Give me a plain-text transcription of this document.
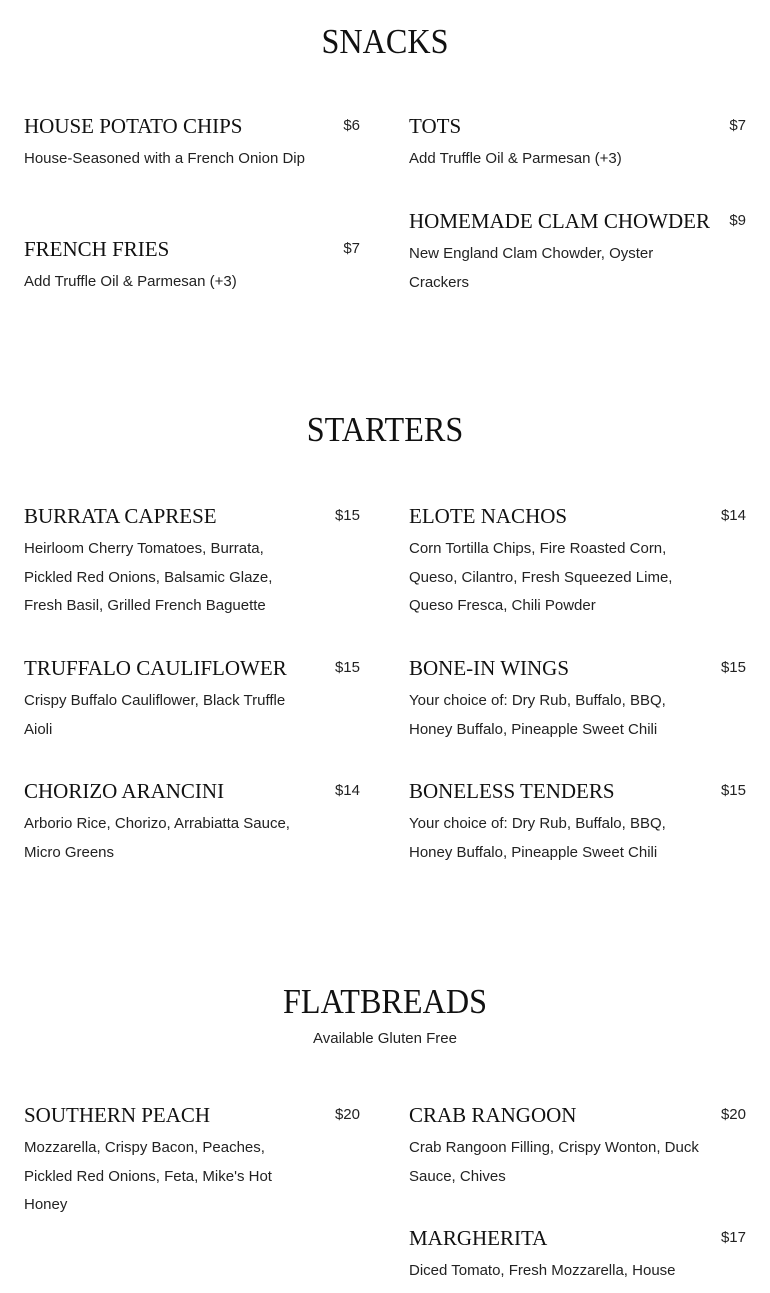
SNACKS
HOUSE POTATO CHIPS	$6
House-Seasoned with a French Onion Dip
TOTS	$7
Add Truffle Oil & Parmesan (+3)
FRENCH FRIES	$7
Add Truffle Oil & Parmesan (+3)
HOMEMADE CLAM CHOWDER $9
New England Clam Chowder, Oyster Crackers
STARTERS
BURRATA CAPRESE	$15
Heirloom Cherry Tomatoes, Burrata, Pickled Red Onions, Balsamic Glaze, Fresh Basil, Grilled French Baguette
ELOTE NACHOS	$14
Corn Tortilla Chips, Fire Roasted Corn, Queso, Cilantro, Fresh Squeezed Lime, Queso Fresca, Chili Powder
TRUFFALO CAULIFLOWER	$15
Crispy Buffalo Cauliflower, Black Truffle Aioli
BONE-IN WINGS	$15
Your choice of: Dry Rub, Buffalo, BBQ, Honey Buffalo, Pineapple Sweet Chili
CHORIZO ARANCINI	$14
Arborio Rice, Chorizo, Arrabiatta Sauce, Micro Greens
BONELESS TENDERS	$15
Your choice of: Dry Rub, Buffalo, BBQ, Honey Buffalo, Pineapple Sweet Chili
FLATBREADS
Available Gluten Free
SOUTHERN PEACH	$20
Mozzarella, Crispy Bacon, Peaches, Pickled Red Onions, Feta, Mike's Hot Honey
CRAB RANGOON	$20
Crab Rangoon Filling, Crispy Wonton, Duck Sauce, Chives
MARGHERITA	$17
Diced Tomato, Fresh Mozzarella, House
